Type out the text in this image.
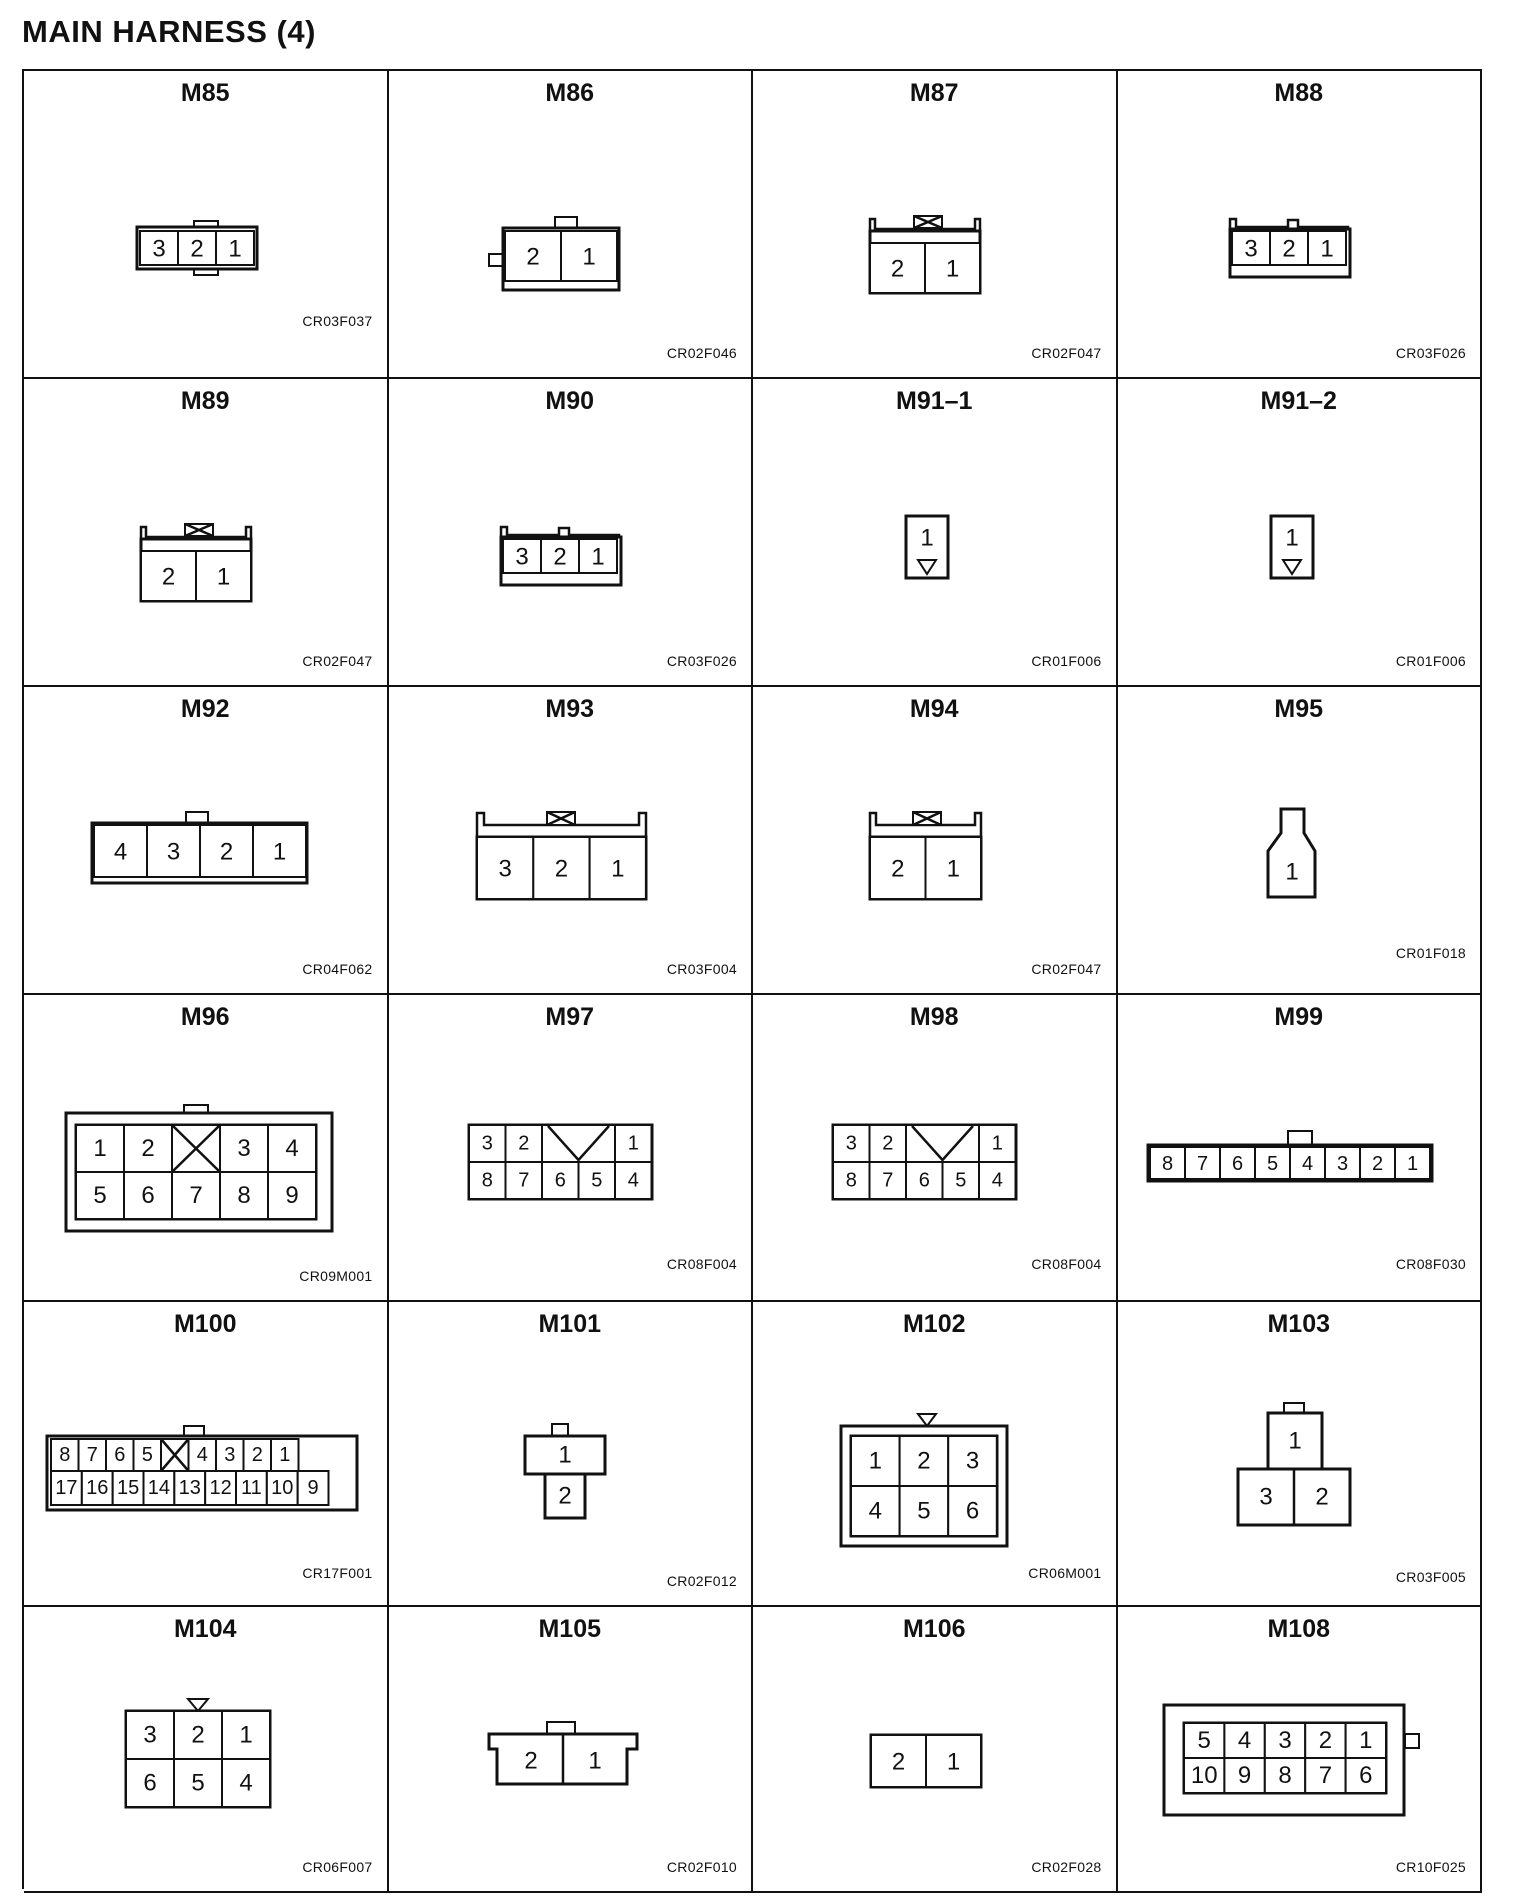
MAIN HARNESS (4)
M85
3 2 1
CR03F037
M86
2 1
CR02F046
M87
2 1
CR02F047
M88
3 2 1
CR03F026
M89
2 1
CR02F047
M90
3 2 1
CR03F026
M91–1
1
CR01F006
M91–2
1
CR01F006
M92
4 3 2 1
CR04F062
M93
3 2 1
CR03F004
M94
2 1
CR02F047
M95
1
CR01F018
M96
1 2	3 4
5 6 7 8 9
CR09M001
M97
3 2	1
8 7 6 5 4
CR08F004
M98
3 2	1
8 7 6 5 4
CR08F004
M99
8 7 6 5 4 3 2 1
CR08F030
M100
8 7 6 5 4 3 2 1
17 16 15 14 13 12 11 10 9
CR17F001
M101
1
2
CR02F012
M102
1 2 3
4 5 6
CR06M001
M103
1
3 2
CR03F005
M104
3 2 1
6 5 4
CR06F007
M105
2 1
CR02F010
M106
2 1
CR02F028
M108
5 4 3 2 1
10 9 8 7 6
CR10F025
